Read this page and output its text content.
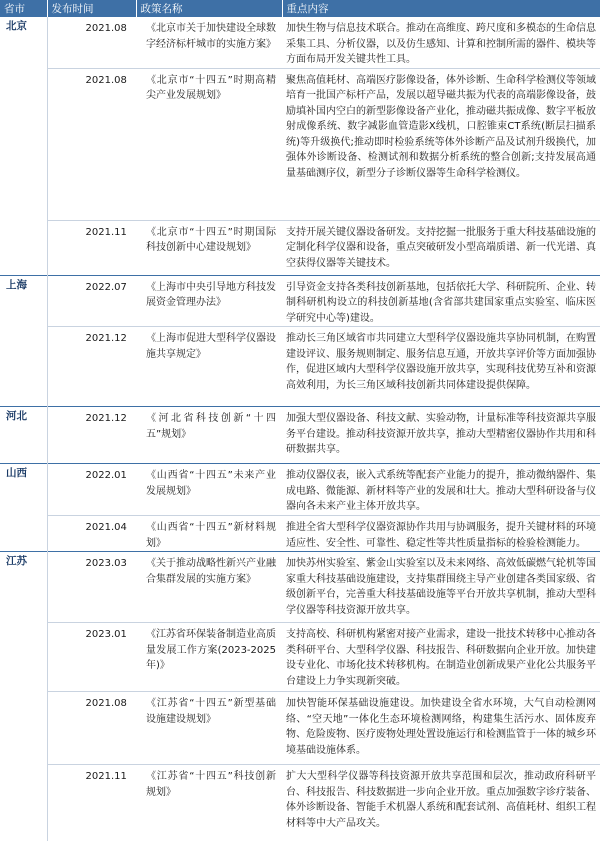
省市	发布时间	政策名称	重点内容
北京	2021.08	《北京市关于加快建设全球数字经济标杆城市的实施方案》	加快生物与信息技术联合。推动在高维度、跨尺度和多模态的生命信息采集工具、分析仪器，以及仿生感知、计算和控制所需的器件、模块等方面布局开发关键共性工具。
	2021.08	《北京市“十四五”时期高精尖产业发展规划》	聚焦高值耗材、高端医疗影像设备，体外诊断、生命科学检测仪等领域培育一批国产标杆产品，发展以超导磁共振为代表的高端影像设备，鼓励填补国内空白的新型影像设备产业化，推动磁共振成像、数字平板放射成像系统、数字减影血管造影X线机，口腔锥束CT系统(断层扫描系统)等升级换代;推动即时检验系统等体外诊断产品及试剂升级换代，加强体外诊断设备、检测试剂和数据分析系统的整合创新;支持发展高通量基础测序仪，新型分子诊断仪器等生命科学检测仪。
	2021.11	《北京市“十四五”时期国际科技创新中心建设规划》	支持开展关键仪器设备研发。支持挖掘一批服务于重大科技基础设施的定制化科学仪器和设备，重点突破研发小型高端质谱、新一代光谱、真空获得仪器等关键技术。
上海	2022.07	《上海市中央引导地方科技发展资金管理办法》	引导资金支持各类科技创新基地，包括依托大学、科研院所、企业、转制科研机构设立的科技创新基地(含省部共建国家重点实验室、临床医学研究中心等)建设。
	2021.12	《上海市促进大型科学仪器设施共享规定》	推动长三角区域省市共同建立大型科学仪器设施共享协同机制，在购置建设评议、服务规则制定、服务信息互通，开放共享评价等方面加强协作，促进区域内大型科学仪器设施开放共享，实现科技优势互补和资源高效利用，为长三角区域科技创新共同体建设提供保障。
河北	2021.12	《河北省科技创新“十四五”规划》	加强大型仪器设备、科技文献、实验动物，计量标准等科技资源共享服务平台建设。推动科技资源开放共享，推动大型精密仪器协作共用和科研数据共享。
山西	2022.01	《山西省“十四五”未来产业发展规划》	推动仪器仪表，嵌入式系统等配套产业能力的提升，推动微纳器件、集成电路、微能源、新材料等产业的发展和壮大。推动大型科研设备与仪器向各未来产业主体开放共享。
	2021.04	《山西省“十四五”新材料规划》	推进全省大型科学仪器资源协作共用与协调服务，提升关键材料的环境适应性、安全性、可靠性、稳定性等共性质量指标的检验检测能力。
江苏	2023.03	《关于推动战略性新兴产业融合集群发展的实施方案》	加快苏州实验室、紫金山实验室以及未来网络、高效低碳燃气轮机等国家重大科技基础设施建设，支持集群围绕主导产业创建各类国家级、省级创新平台，完善重大科技基础设施等平台开放共享机制，推动大型科学仪器等科技资源开放共享。
	2023.01	《江苏省环保装备制造业高质量发展工作方案(2023-2025年)》	支持高校、科研机构紧密对接产业需求，建设一批技术转移中心推动各类科研平台、大型科学仪器、科技报告、科研数据向企业开放。加快建设专业化、市场化技术转移机构。在制造业创新成果产业化公共服务平台建设上力争实现新突破。
	2021.08	《江苏省“十四五”新型基础设施建设规划》	加快智能环保基础设施建设。加快建设全省水环境，大气自动检测网络、“空天地”一体化生态环境检测网络，构建集生活污水、固体废弃物、危险废物、医疗废物处理处置设施运行和检测监管于一体的城乡环境基础设施体系。
	2021.11	《江苏省“十四五”科技创新规划》	扩大大型科学仪器等科技资源开放共享范围和层次，推动政府科研平台、科技报告、科技数据进一步向企业开放。重点加强数字诊疗装备、体外诊断设备、智能手术机器人系统和配套试剂、高值耗材、组织工程材料等中大产品攻关。
